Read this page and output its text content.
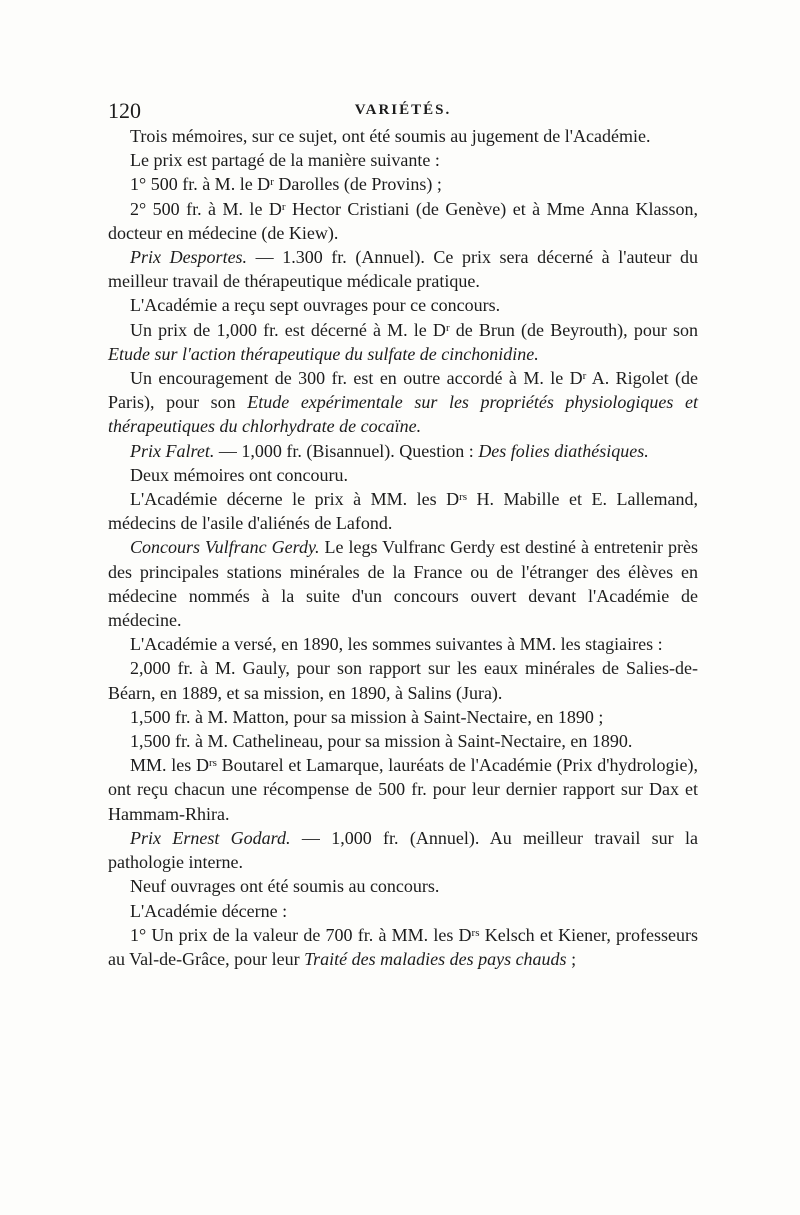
120	VARIÉTÉS.

Trois mémoires, sur ce sujet, ont été soumis au jugement de l'Académie.

Le prix est partagé de la manière suivante :

1° 500 fr. à M. le $D^r$ Darolles (de Provins) ;

2° 500 fr. à M. le $D^r$ Hector Cristiani (de Genève) et à Mme Anna Klasson, docteur en médecine (de Kiew).

Prix Desportes. — 1.300 fr. (Annuel). Ce prix sera décerné à l'auteur du meilleur travail de thérapeutique médicale pratique.

L'Académie a reçu sept ouvrages pour ce concours.

Un prix de 1,000 fr. est décerné à M. le $D^r$ de Brun (de Beyrouth), pour son Etude sur l'action thérapeutique du sulfate de cinchonidine.

Un encouragement de 300 fr. est en outre accordé à M. le $D^r$ A. Rigolet (de Paris), pour son Etude expérimentale sur les propriétés physiologiques et thérapeutiques du chlorhydrate de cocaïne.

Prix Falret. — 1,000 fr. (Bisannuel). Question : Des folies diathésiques.

Deux mémoires ont concouru.

L'Académie décerne le prix à MM. les $D^{rs}$ H. Mabille et E. Lallemand, médecins de l'asile d'aliénés de Lafond.

Concours Vulfranc Gerdy. Le legs Vulfranc Gerdy est destiné à entretenir près des principales stations minérales de la France ou de l'étranger des élèves en médecine nommés à la suite d'un concours ouvert devant l'Académie de médecine.

L'Académie a versé, en 1890, les sommes suivantes à MM. les stagiaires :

2,000 fr. à M. Gauly, pour son rapport sur les eaux minérales de Salies-de-Béarn, en 1889, et sa mission, en 1890, à Salins (Jura).

1,500 fr. à M. Matton, pour sa mission à Saint-Nectaire, en 1890 ;

1,500 fr. à M. Cathelineau, pour sa mission à Saint-Nectaire, en 1890.

MM. les $D^{rs}$ Boutarel et Lamarque, lauréats de l'Académie (Prix d'hydrologie), ont reçu chacun une récompense de 500 fr. pour leur dernier rapport sur Dax et Hammam-Rhira.

Prix Ernest Godard. — 1,000 fr. (Annuel). Au meilleur travail sur la pathologie interne.

Neuf ouvrages ont été soumis au concours.

L'Académie décerne :

1° Un prix de la valeur de 700 fr. à MM. les $D^{rs}$ Kelsch et Kiener, professeurs au Val-de-Grâce, pour leur Traité des maladies des pays chauds ;
